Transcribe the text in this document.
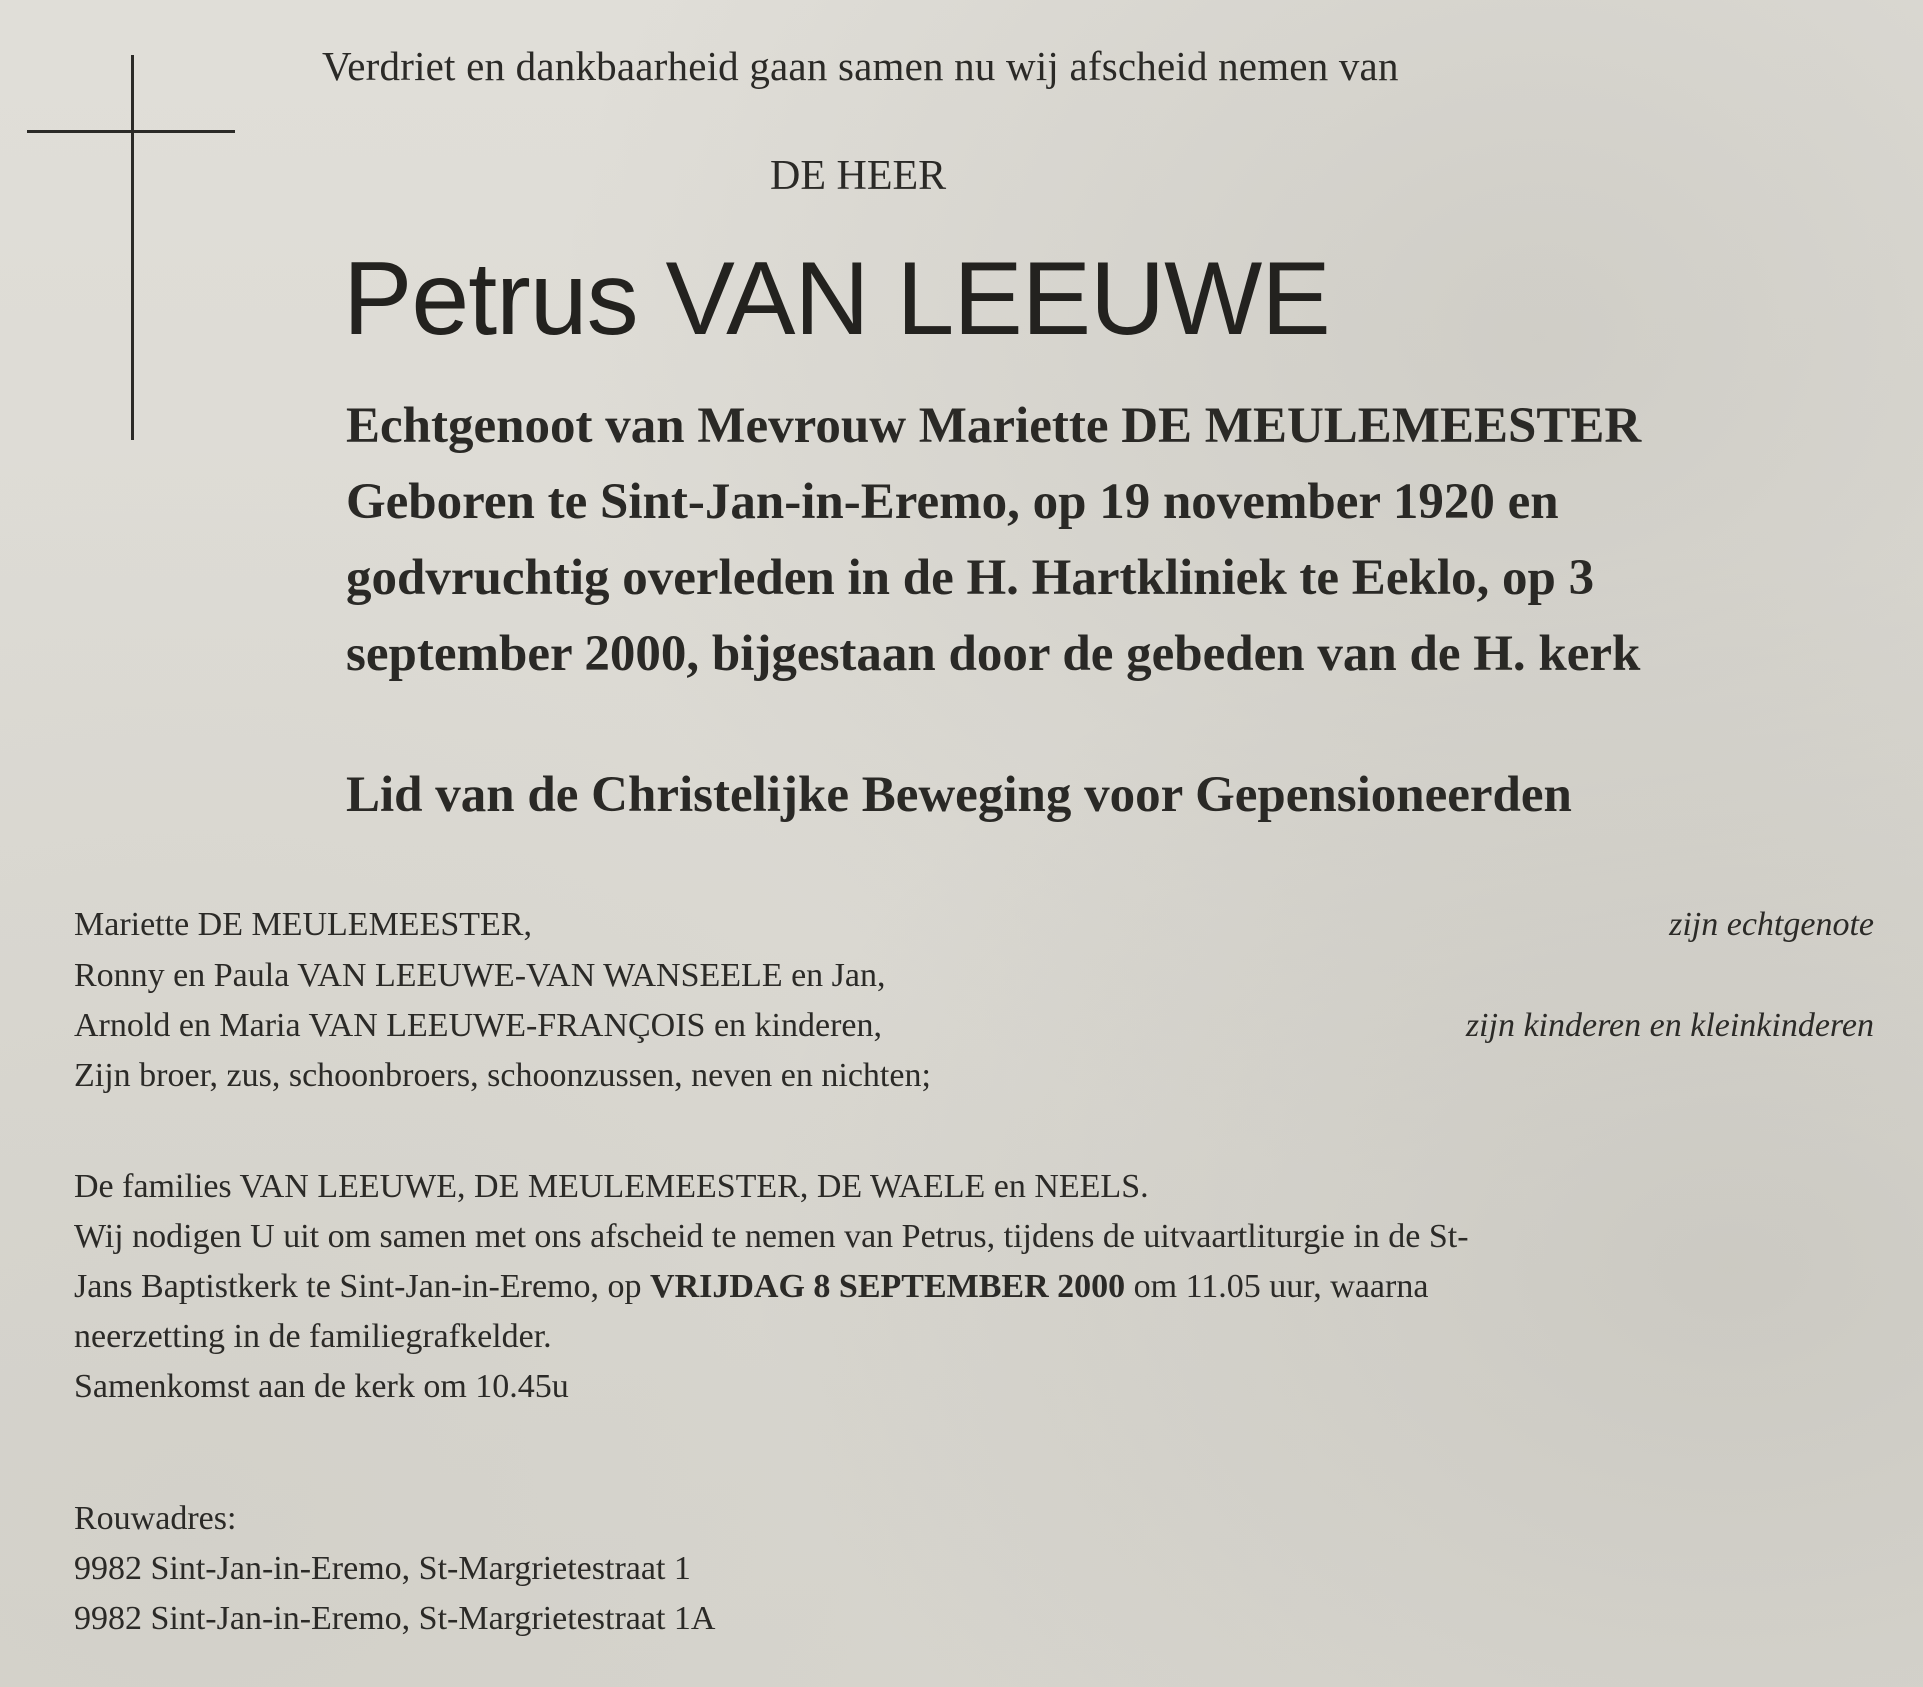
Verdriet en dankbaarheid gaan samen nu wij afscheid nemen van
DE HEER
Petrus VAN LEEUWE
Echtgenoot van Mevrouw Mariette DE MEULEMEESTER
Geboren te Sint-Jan-in-Eremo, op 19 november 1920 en
godvruchtig overleden in de H. Hartkliniek te Eeklo, op 3
september 2000, bijgestaan door de gebeden van de H. kerk
Lid van de Christelijke Beweging voor Gepensioneerden
Mariette DE MEULEMEESTER,	zijn echtgenote
Ronny en Paula VAN LEEUWE-VAN WANSEELE en Jan,
Arnold en Maria VAN LEEUWE-FRANÇOIS en kinderen,	zijn kinderen en kleinkinderen
Zijn broer, zus, schoonbroers, schoonzussen, neven en nichten;
De families VAN LEEUWE, DE MEULEMEESTER, DE WAELE en NEELS.
Wij nodigen U uit om samen met ons afscheid te nemen van Petrus, tijdens de uitvaartliturgie in de St-
Jans Baptistkerk te Sint-Jan-in-Eremo, op VRIJDAG 8 SEPTEMBER 2000 om 11.05 uur, waarna
neerzetting in de familiegrafkelder.
Samenkomst aan de kerk om 10.45u
Rouwadres:
9982 Sint-Jan-in-Eremo, St-Margrietestraat 1
9982 Sint-Jan-in-Eremo, St-Margrietestraat 1A
